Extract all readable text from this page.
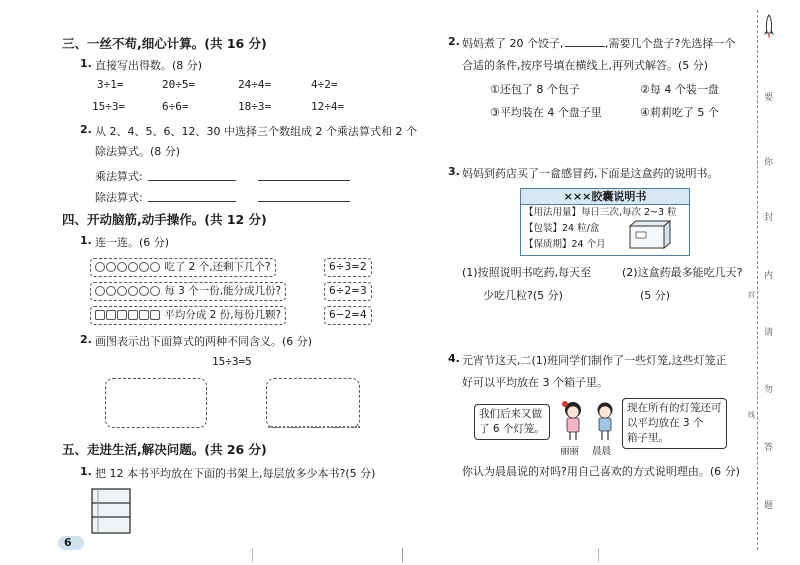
三、一丝不苟,细心计算。(共 16 分)
1. 直接写出得数。(8 分)
3÷1=	20÷5=	24÷4=	4÷2=
15÷3=	6÷6=	18÷3=	12÷4=
2. 从 2、4、5、6、12、30 中选择三个数组成 2 个乘法算式和 2 个
除法算式。(8 分)
乘法算式:
除法算式:
四、开动脑筋,动手操作。(共 12 分)
1. 连一连。(6 分)
吃了 2 个,还剩下几个?
每 3 个一份,能分成几份?
平均分成 2 份,每份几颗?
6÷3=2
6÷2=3
6−2=4
2. 画图表示出下面算式的两种不同含义。(6 分)
15÷3=5
五、走进生活,解决问题。(共 26 分)
1. 把 12 本书平均放在下面的书架上,每层放多少本书?(5 分)
6
2. 妈妈煮了 20 个饺子,	,需要几个盘子?先选择一个
合适的条件,按序号填在横线上,再列式解答。(5 分)
①还包了 8 个包子	②每 4 个装一盘
③平均装在 4 个盘子里	④莉莉吃了 5 个
3. 妈妈到药店买了一盒感冒药,下面是这盒药的说明书。
×××胶囊说明书
【用法用量】每日三次,每次 2~3 粒
【包装】24 粒/盒
【保质期】24 个月
(1)按照说明书吃药,每天至
少吃几粒?(5 分)
(2)这盒药最多能吃几天?
(5 分)
4. 元宵节这天,二(1)班同学们制作了一些灯笼,这些灯笼正
好可以平均放在 3 个箱子里。
我们后来又做
了 6 个灯笼。
现在所有的灯笼还可
以平均放在 3 个
箱子里。
丽丽 晨晨
你认为晨晨说的对吗?用自己喜欢的方式说明理由。(6 分)
要
你
封
内
请
勿
答
题
封
线
